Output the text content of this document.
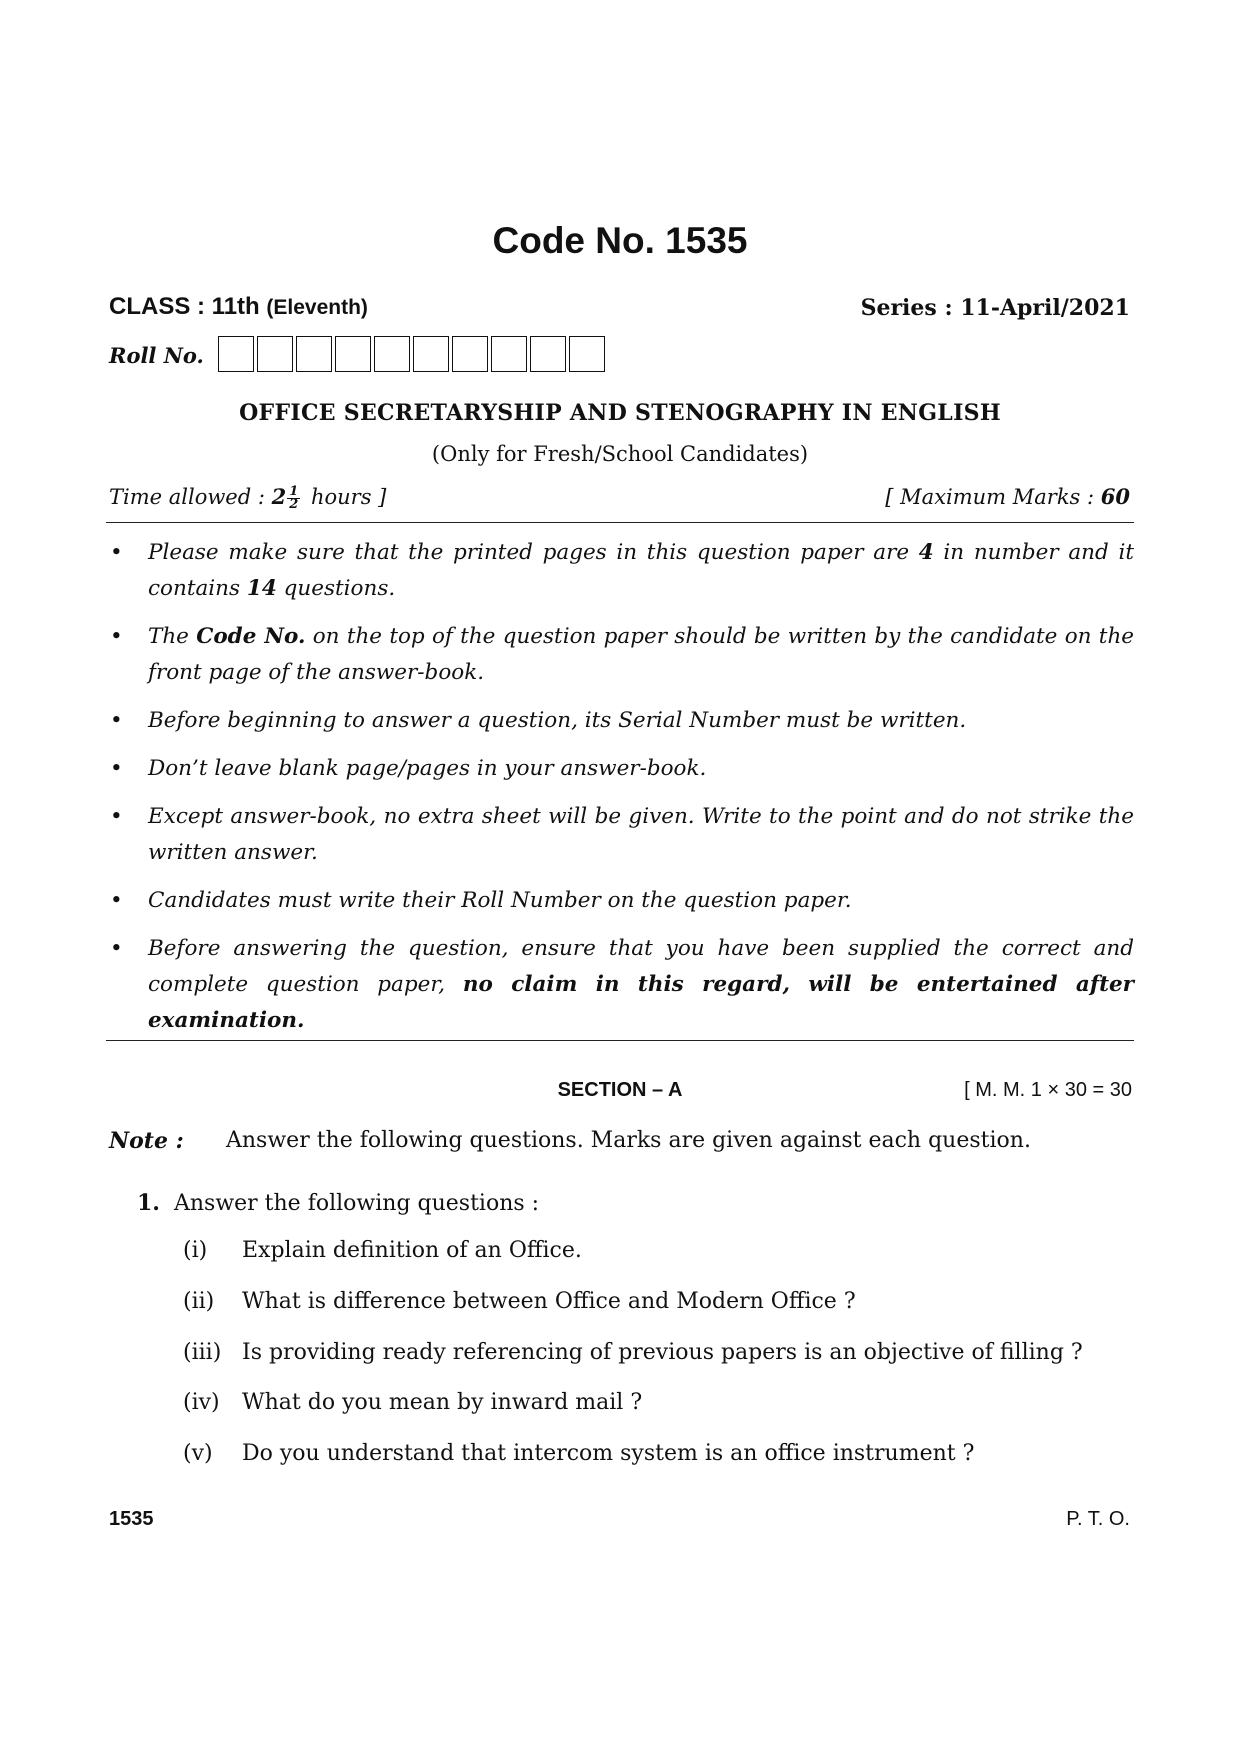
Code No. 1535
CLASS : 11th (Eleventh)	Series : 11-April/2021
Roll No.
OFFICE SECRETARYSHIP AND STENOGRAPHY IN ENGLISH
(Only for Fresh/School Candidates)
Time allowed : $2 \frac{1}{2}$ hours ]	[ Maximum Marks : 60
• Please make sure that the printed pages in this question paper are 4 in number and it contains 14 questions.
• The Code No. on the top of the question paper should be written by the candidate on the front page of the answer-book.
• Before beginning to answer a question, its Serial Number must be written.
• Don’t leave blank page/pages in your answer-book.
• Except answer-book, no extra sheet will be given. Write to the point and do not strike the written answer.
• Candidates must write their Roll Number on the question paper.
• Before answering the question, ensure that you have been supplied the correct and complete question paper, no claim in this regard, will be entertained after examination.
SECTION – A	[ M. M. 1 × 30 = 30
Note : Answer the following questions. Marks are given against each question.
1. Answer the following questions :
(i) Explain definition of an Office.
(ii) What is difference between Office and Modern Office ?
(iii) Is providing ready referencing of previous papers is an objective of filling ?
(iv) What do you mean by inward mail ?
(v) Do you understand that intercom system is an office instrument ?
1535	P. T. O.
